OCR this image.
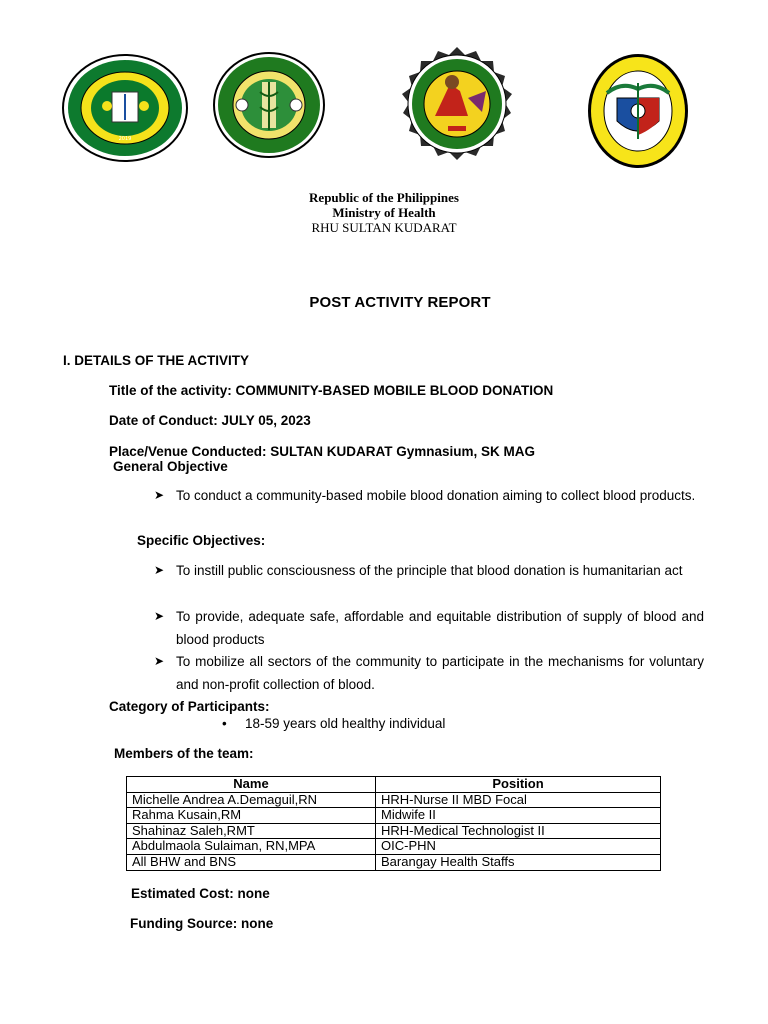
2019
Republic of the Philippines
Ministry of Health
RHU SULTAN KUDARAT
POST ACTIVITY REPORT
I. DETAILS OF THE ACTIVITY
Title of the activity: COMMUNITY-BASED MOBILE BLOOD DONATION
Date of Conduct: JULY 05, 2023
Place/Venue Conducted: SULTAN KUDARAT Gymnasium, SK MAG
General Objective
➤ To conduct a community-based mobile blood donation aiming to collect blood products.
Specific Objectives:
➤ To instill public consciousness of the principle that blood donation is humanitarian act
➤ To provide, adequate safe, affordable and equitable distribution of supply of blood and blood products
➤ To mobilize all sectors of the community to participate in the mechanisms for voluntary and non-profit collection of blood.
Category of Participants:
• 18-59 years old healthy individual
Members of the team:
Name	Position
Michelle Andrea A.Demaguil,RN	HRH-Nurse II MBD Focal
Rahma Kusain,RM	Midwife II
Shahinaz Saleh,RMT	HRH-Medical Technologist II
Abdulmaola Sulaiman, RN,MPA	OIC-PHN
All BHW and BNS	Barangay Health Staffs
Estimated Cost: none
Funding Source: none
